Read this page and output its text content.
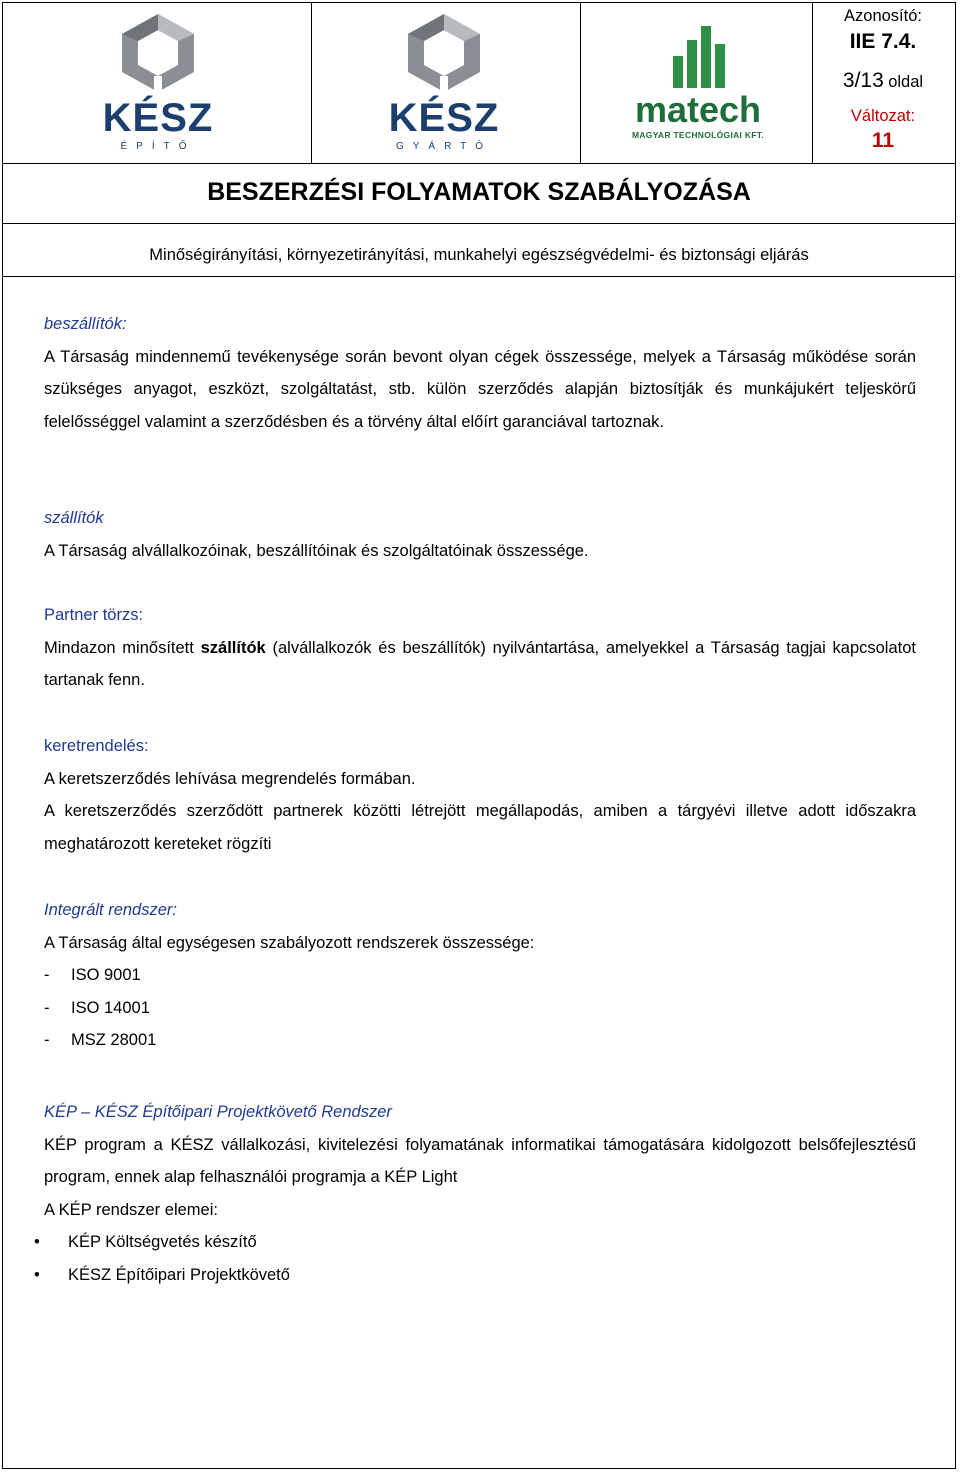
KÉSZ
ÉPÍTŐ
KÉSZ
GYÁRTÓ
matech
MAGYAR TECHNOLÓGIAI KFT.
Azonosító:
IIE 7.4.
3/13 oldal
Változat:
11
BESZERZÉSI FOLYAMATOK SZABÁLYOZÁSA
Minőségirányítási, környezetirányítási, munkahelyi egészségvédelmi- és biztonsági eljárás

beszállítók:

A Társaság mindennemű tevékenysége során bevont olyan cégek összessége, melyek a Társaság működése során szükséges anyagot, eszközt, szolgáltatást, stb. külön szerződés alapján biztosítják és munkájukért teljeskörű felelősséggel valamint a szerződésben és a törvény által előírt garanciával tartoznak.

szállítók

A Társaság alvállalkozóinak, beszállítóinak és szolgáltatóinak összessége.

Partner törzs:

Mindazon minősített szállítók (alvállalkozók és beszállítók) nyilvántartása, amelyekkel a Társaság tagjai kapcsolatot tartanak fenn.

keretrendelés:

A keretszerződés lehívása megrendelés formában.

A keretszerződés szerződött partnerek közötti létrejött megállapodás, amiben a tárgyévi illetve adott időszakra meghatározott kereteket rögzíti

Integrált rendszer:

A Társaság által egységesen szabályozott rendszerek összessége:

-	ISO 9001
-	ISO 14001
-	MSZ 28001

KÉP – KÉSZ Építőipari Projektkövető Rendszer

KÉP program a KÉSZ vállalkozási, kivitelezési folyamatának informatikai támogatására kidolgozott belsőfejlesztésű program, ennek alap felhasználói programja a KÉP Light

A KÉP rendszer elemei:

•	KÉP Költségvetés készítő
•	KÉSZ Építőipari Projektkövető
